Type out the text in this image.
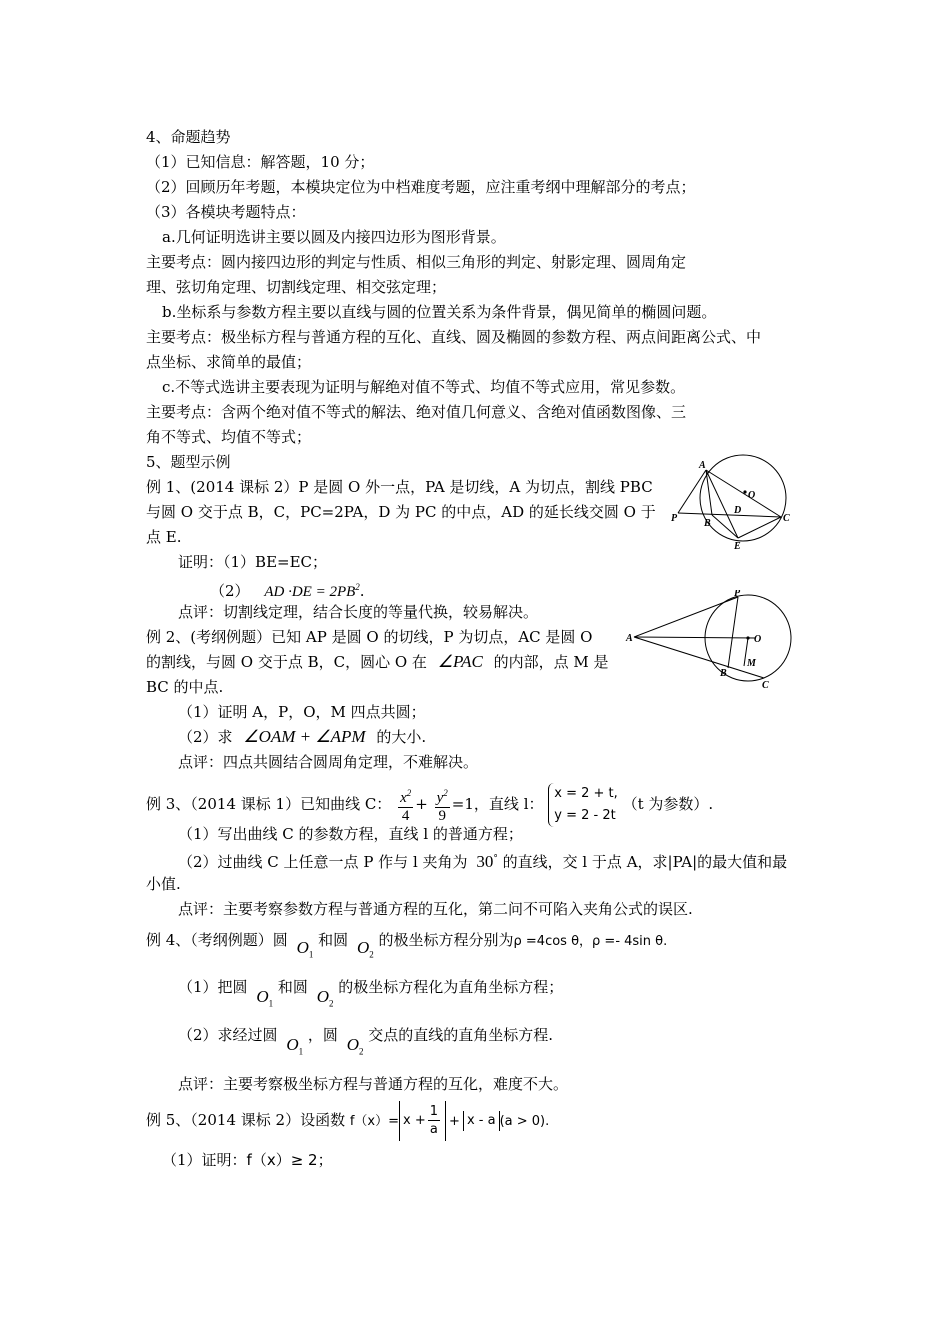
4、命题趋势
（1）已知信息：解答题，10 分；
（2）回顾历年考题，本模块定位为中档难度考题，应注重考纲中理解部分的考点；
（3）各模块考题特点：
a.几何证明选讲主要以圆及内接四边形为图形背景。
主要考点：圆内接四边形的判定与性质、相似三角形的判定、射影定理、圆周角定
理、弦切角定理、切割线定理、相交弦定理；
b.坐标系与参数方程主要以直线与圆的位置关系为条件背景，偶见简单的椭圆问题。
主要考点：极坐标方程与普通方程的互化、直线、圆及椭圆的参数方程、两点间距离公式、中
点坐标、求简单的最值；
c.不等式选讲主要表现为证明与解绝对值不等式、均值不等式应用，常见参数。
主要考点：含两个绝对值不等式的解法、绝对值几何意义、含绝对值函数图像、三
角不等式、均值不等式；
5、题型示例
例 1、(2014 课标 2）P 是圆 O 外一点，PA 是切线，A 为切点，割线 PBC
与圆 O 交于点 B，C，PC=2PA，D 为 PC 的中点，AD 的延长线交圆 O 于
点 E.
证明：（1）BE=EC；
（2） AD $\cdot DE = 2PB^2$.
点评：切割线定理，结合长度的等量代换，较易解决。
A
P	B
D
C
E
O
例 2、(考纲例题）已知 AP 是圆 O 的切线，P 为切点，AC 是圆 O
的割线，与圆 O 交于点 B，C，圆心 O 在 ∠PAC 的内部，点 M 是
BC 的中点.
（1）证明 A，P，O，M 四点共圆；
（2）求 ∠OAM + ∠APM 的大小.
点评：四点共圆结合圆周角定理，不难解决。
A
P
O
M
B
C
例 3、（2014 课标 1）已知曲线 C： $\frac{x^2}{4} + \frac{y^2}{9} =1$，直线 l：
x = 2 + t,
y = 2 - 2t
（t 为参数）.
（1）写出曲线 C 的参数方程，直线 l 的普通方程；
（2）过曲线 C 上任意一点 P 作与 l 夹角为 30° 的直线，交 l 于点 A，求|PA|的最大值和最
小值.
点评：主要考察参数方程与普通方程的互化，第二问不可陷入夹角公式的误区.
例 4、（考纲例题）圆 $O_1$ 和圆 $O_2$ 的极坐标方程分别为ρ =4cos θ，ρ =- 4sin θ.
（1）把圆 $O_1$ 和圆 $O_2$ 的极坐标方程化为直角坐标方程；
（2）求经过圆 $O_1$ ，圆 $O_2$ 交点的直线的直角坐标方程.
点评：主要考察极坐标方程与普通方程的互化，难度不大。
例 5、（2014 课标 2）设函数 $f(x)= x + \frac{1}{a} + x - a$ (a > 0).
（1）证明：f（x）≥ 2；
